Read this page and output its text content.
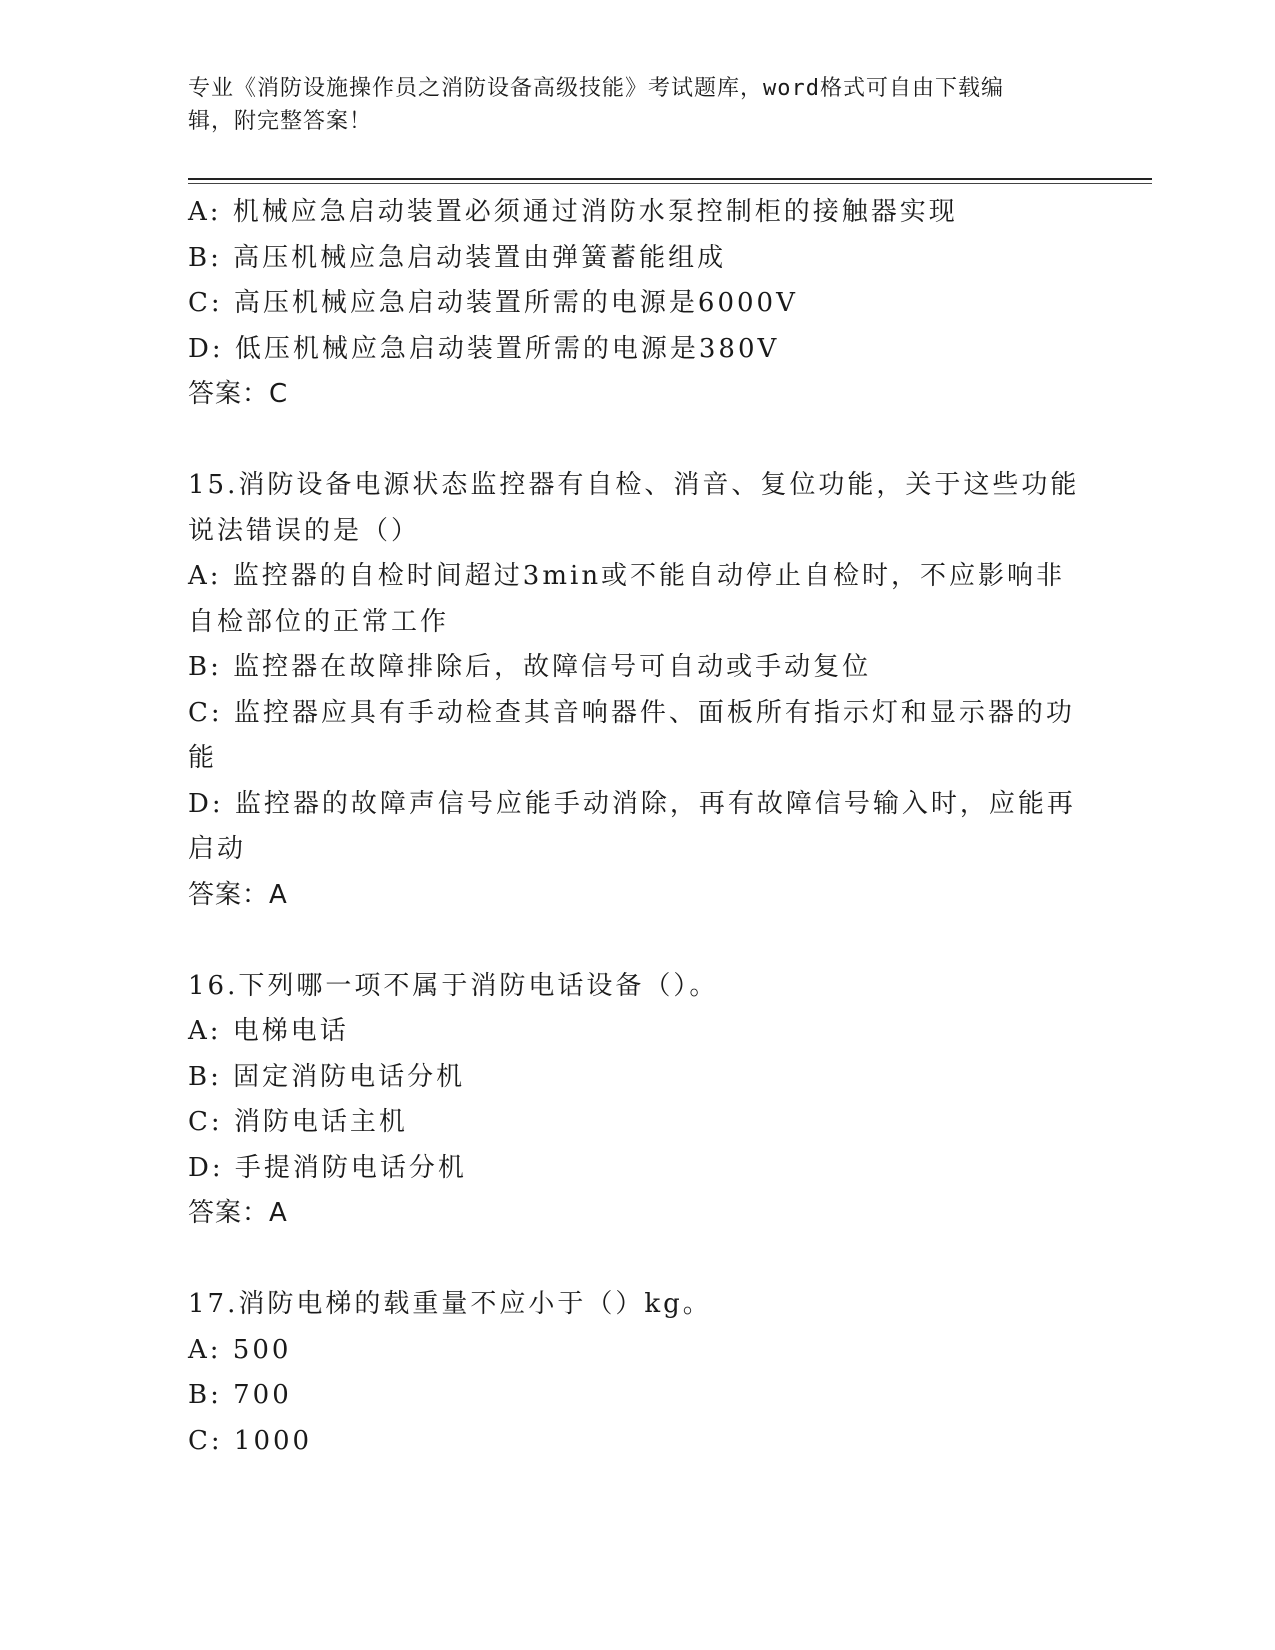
专业《消防设施操作员之消防设备高级技能》考试题库，word格式可自由下载编
辑，附完整答案！

A: 机械应急启动装置必须通过消防水泵控制柜的接触器实现

B: 高压机械应急启动装置由弹簧蓄能组成

C: 高压机械应急启动装置所需的电源是6000V

D: 低压机械应急启动装置所需的电源是380V

答案：C

15.消防设备电源状态监控器有自检、消音、复位功能，关于这些功能

说法错误的是（）

A: 监控器的自检时间超过3min或不能自动停止自检时，不应影响非

自检部位的正常工作

B: 监控器在故障排除后，故障信号可自动或手动复位

C: 监控器应具有手动检查其音响器件、面板所有指示灯和显示器的功

能

D: 监控器的故障声信号应能手动消除，再有故障信号输入时，应能再

启动

答案：A

16.下列哪一项不属于消防电话设备（）。

A: 电梯电话

B: 固定消防电话分机

C: 消防电话主机

D: 手提消防电话分机

答案：A

17.消防电梯的载重量不应小于（）kg。

A: 500

B: 700

C: 1000
